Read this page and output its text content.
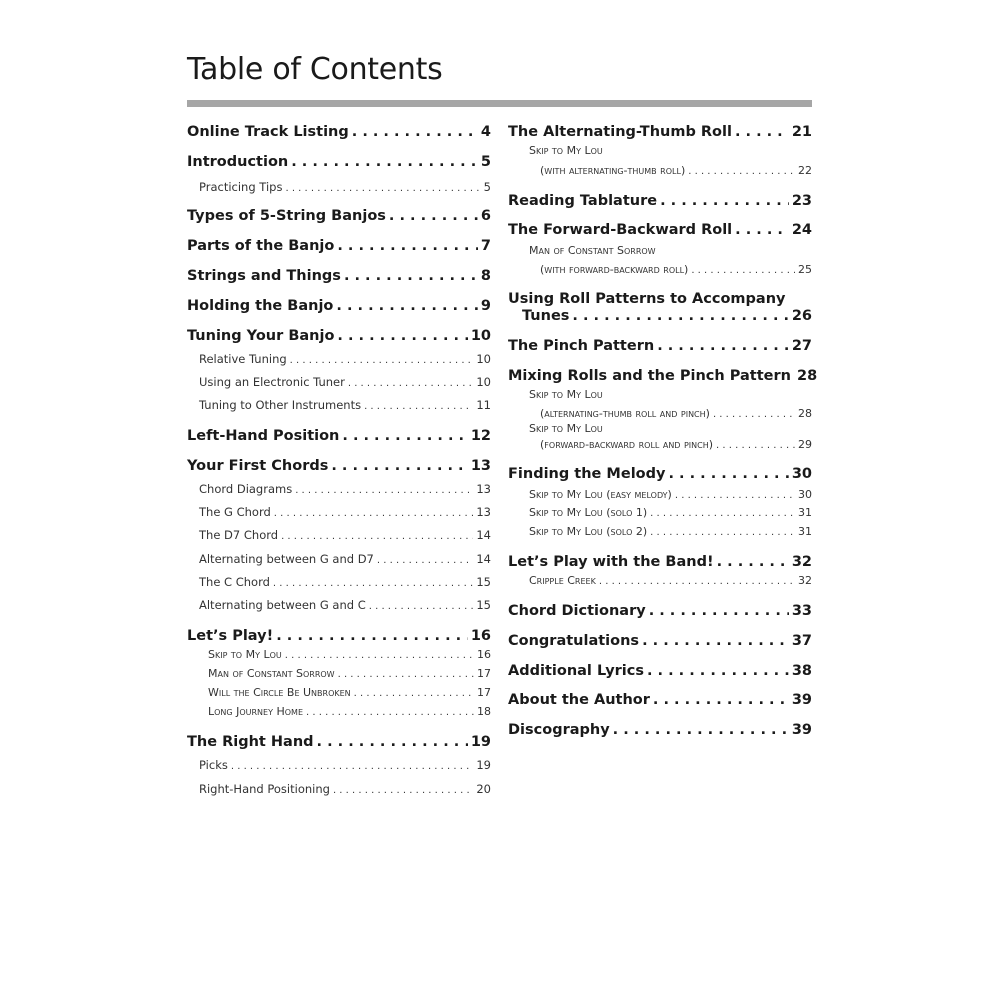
Table of Contents
Online Track Listing . . .	4
Introduction . . .	5
Practicing Tips . . .	5
Types of 5-String Banjos . . .	6
Parts of the Banjo . . .	7
Strings and Things . . .	8
Holding the Banjo . . .	9
Tuning Your Banjo . . .	10
Relative Tuning . . .	10
Using an Electronic Tuner . . .	10
Tuning to Other Instruments . . .	11
Left-Hand Position . . .	12
Your First Chords . . .	13
Chord Diagrams . . .	13
The G Chord . . .	13
The D7 Chord . . .	14
Alternating between G and D7 . . .	14
The C Chord . . .	15
Alternating between G and C . . .	15
Let’s Play! . . .	16
Skip to My Lou . . .	16
Man of Constant Sorrow . . .	17
Will the Circle Be Unbroken . . .	17
Long Journey Home . . .	18
The Right Hand . . .	19
Picks . . .	19
Right-Hand Positioning . . .	20
The Alternating-Thumb Roll . . .	21
Skip to My Lou
(with alternating-thumb roll) . . .	22
Reading Tablature . . .	23
The Forward-Backward Roll . . .	24
Man of Constant Sorrow
(with forward-backward roll) . . .	25
Using Roll Patterns to Accompany
Tunes . . .	26
The Pinch Pattern . . .	27
Mixing Rolls and the Pinch Pattern 28
Skip to My Lou
(alternating-thumb roll and pinch) . . .	28
Skip to My Lou
(forward-backward roll and pinch) . . .	29
Finding the Melody . . .	30
Skip to My Lou (easy melody) . . .	30
Skip to My Lou (solo 1) . . .	31
Skip to My Lou (solo 2) . . .	31
Let’s Play with the Band! . . .	32
Cripple Creek . . .	32
Chord Dictionary . . .	33
Congratulations . . .	37
Additional Lyrics . . .	38
About the Author . . .	39
Discography . . .	39
